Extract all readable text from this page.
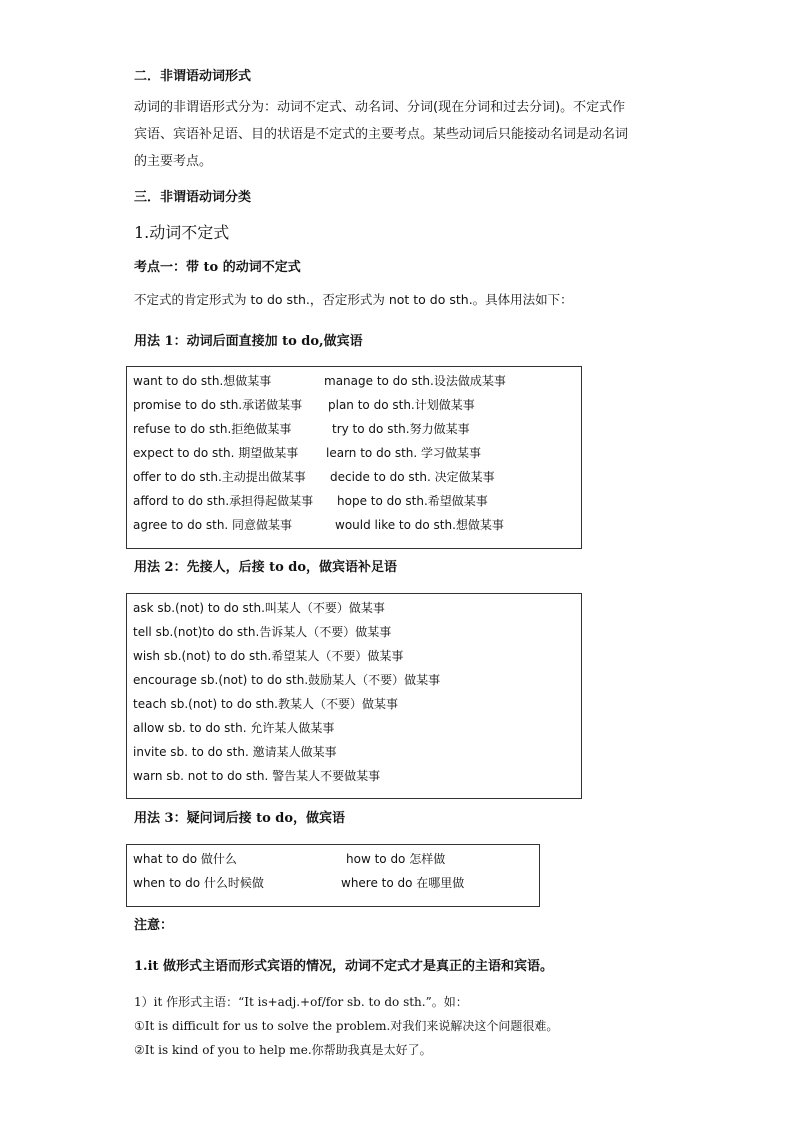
二．非谓语动词形式
动词的非谓语形式分为：动词不定式、动名词、分词(现在分词和过去分词)。不定式作
宾语、宾语补足语、目的状语是不定式的主要考点。某些动词后只能接动名词是动名词
的主要考点。
三．非谓语动词分类
1.动词不定式
考点一：带 to 的动词不定式
不定式的肯定形式为 to do sth.，否定形式为 not to do sth.。具体用法如下：
用法 1：动词后面直接加 to do,做宾语
want to do sth.想做某事	manage to do sth.设法做成某事
promise to do sth.承诺做某事 plan to do sth.计划做某事
refuse to do sth.拒绝做某事	try to do sth.努力做某事
expect to do sth. 期望做某事 learn to do sth. 学习做某事
offer to do sth.主动提出做某事 decide to do sth. 决定做某事
afford to do sth.承担得起做某事 hope to do sth.希望做某事
agree to do sth. 同意做某事	would like to do sth.想做某事
用法 2：先接人，后接 to do，做宾语补足语
ask sb.(not) to do sth.叫某人（不要）做某事
tell sb.(not)to do sth.告诉某人（不要）做某事
wish sb.(not) to do sth.希望某人（不要）做某事
encourage sb.(not) to do sth.鼓励某人（不要）做某事
teach sb.(not) to do sth.教某人（不要）做某事
allow sb. to do sth. 允许某人做某事
invite sb. to do sth. 邀请某人做某事
warn sb. not to do sth. 警告某人不要做某事
用法 3：疑问词后接 to do，做宾语
what to do 做什么	how to do 怎样做
when to do 什么时候做	where to do 在哪里做
注意：
1.it 做形式主语而形式宾语的情况，动词不定式才是真正的主语和宾语。
1）it 作形式主语：“It is+adj.+of/for sb. to do sth.”。如：
①It is difficult for us to solve the problem.对我们来说解决这个问题很难。
②It is kind of you to help me.你帮助我真是太好了。
